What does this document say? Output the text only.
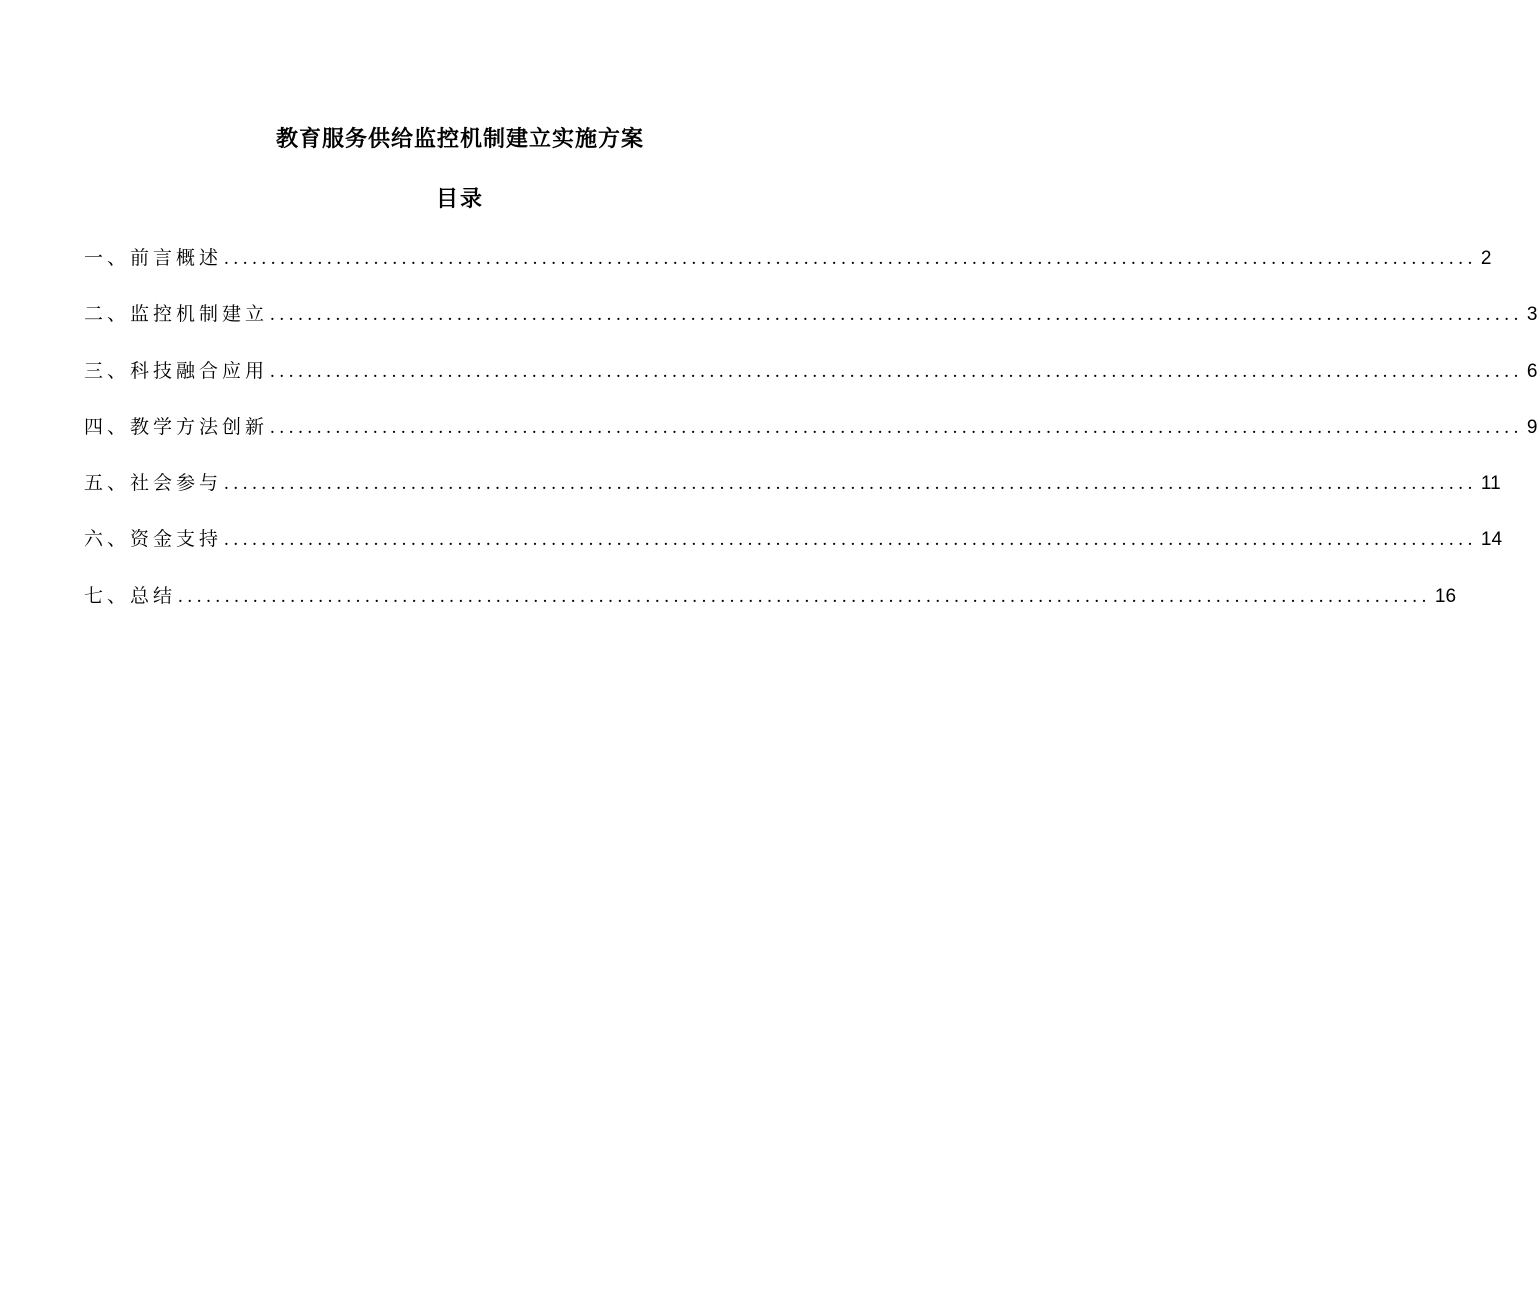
教育服务供给监控机制建立实施方案
目录
一、前言概述 ...................................................................................................................................... 2
二、监控机制建立 ...................................................................................................................................... 3
三、科技融合应用 ...................................................................................................................................... 6
四、教学方法创新 ...................................................................................................................................... 9
五、社会参与 ...................................................................................................................................... 11
六、资金支持 ...................................................................................................................................... 14
七、总结 ...................................................................................................................................... 16
